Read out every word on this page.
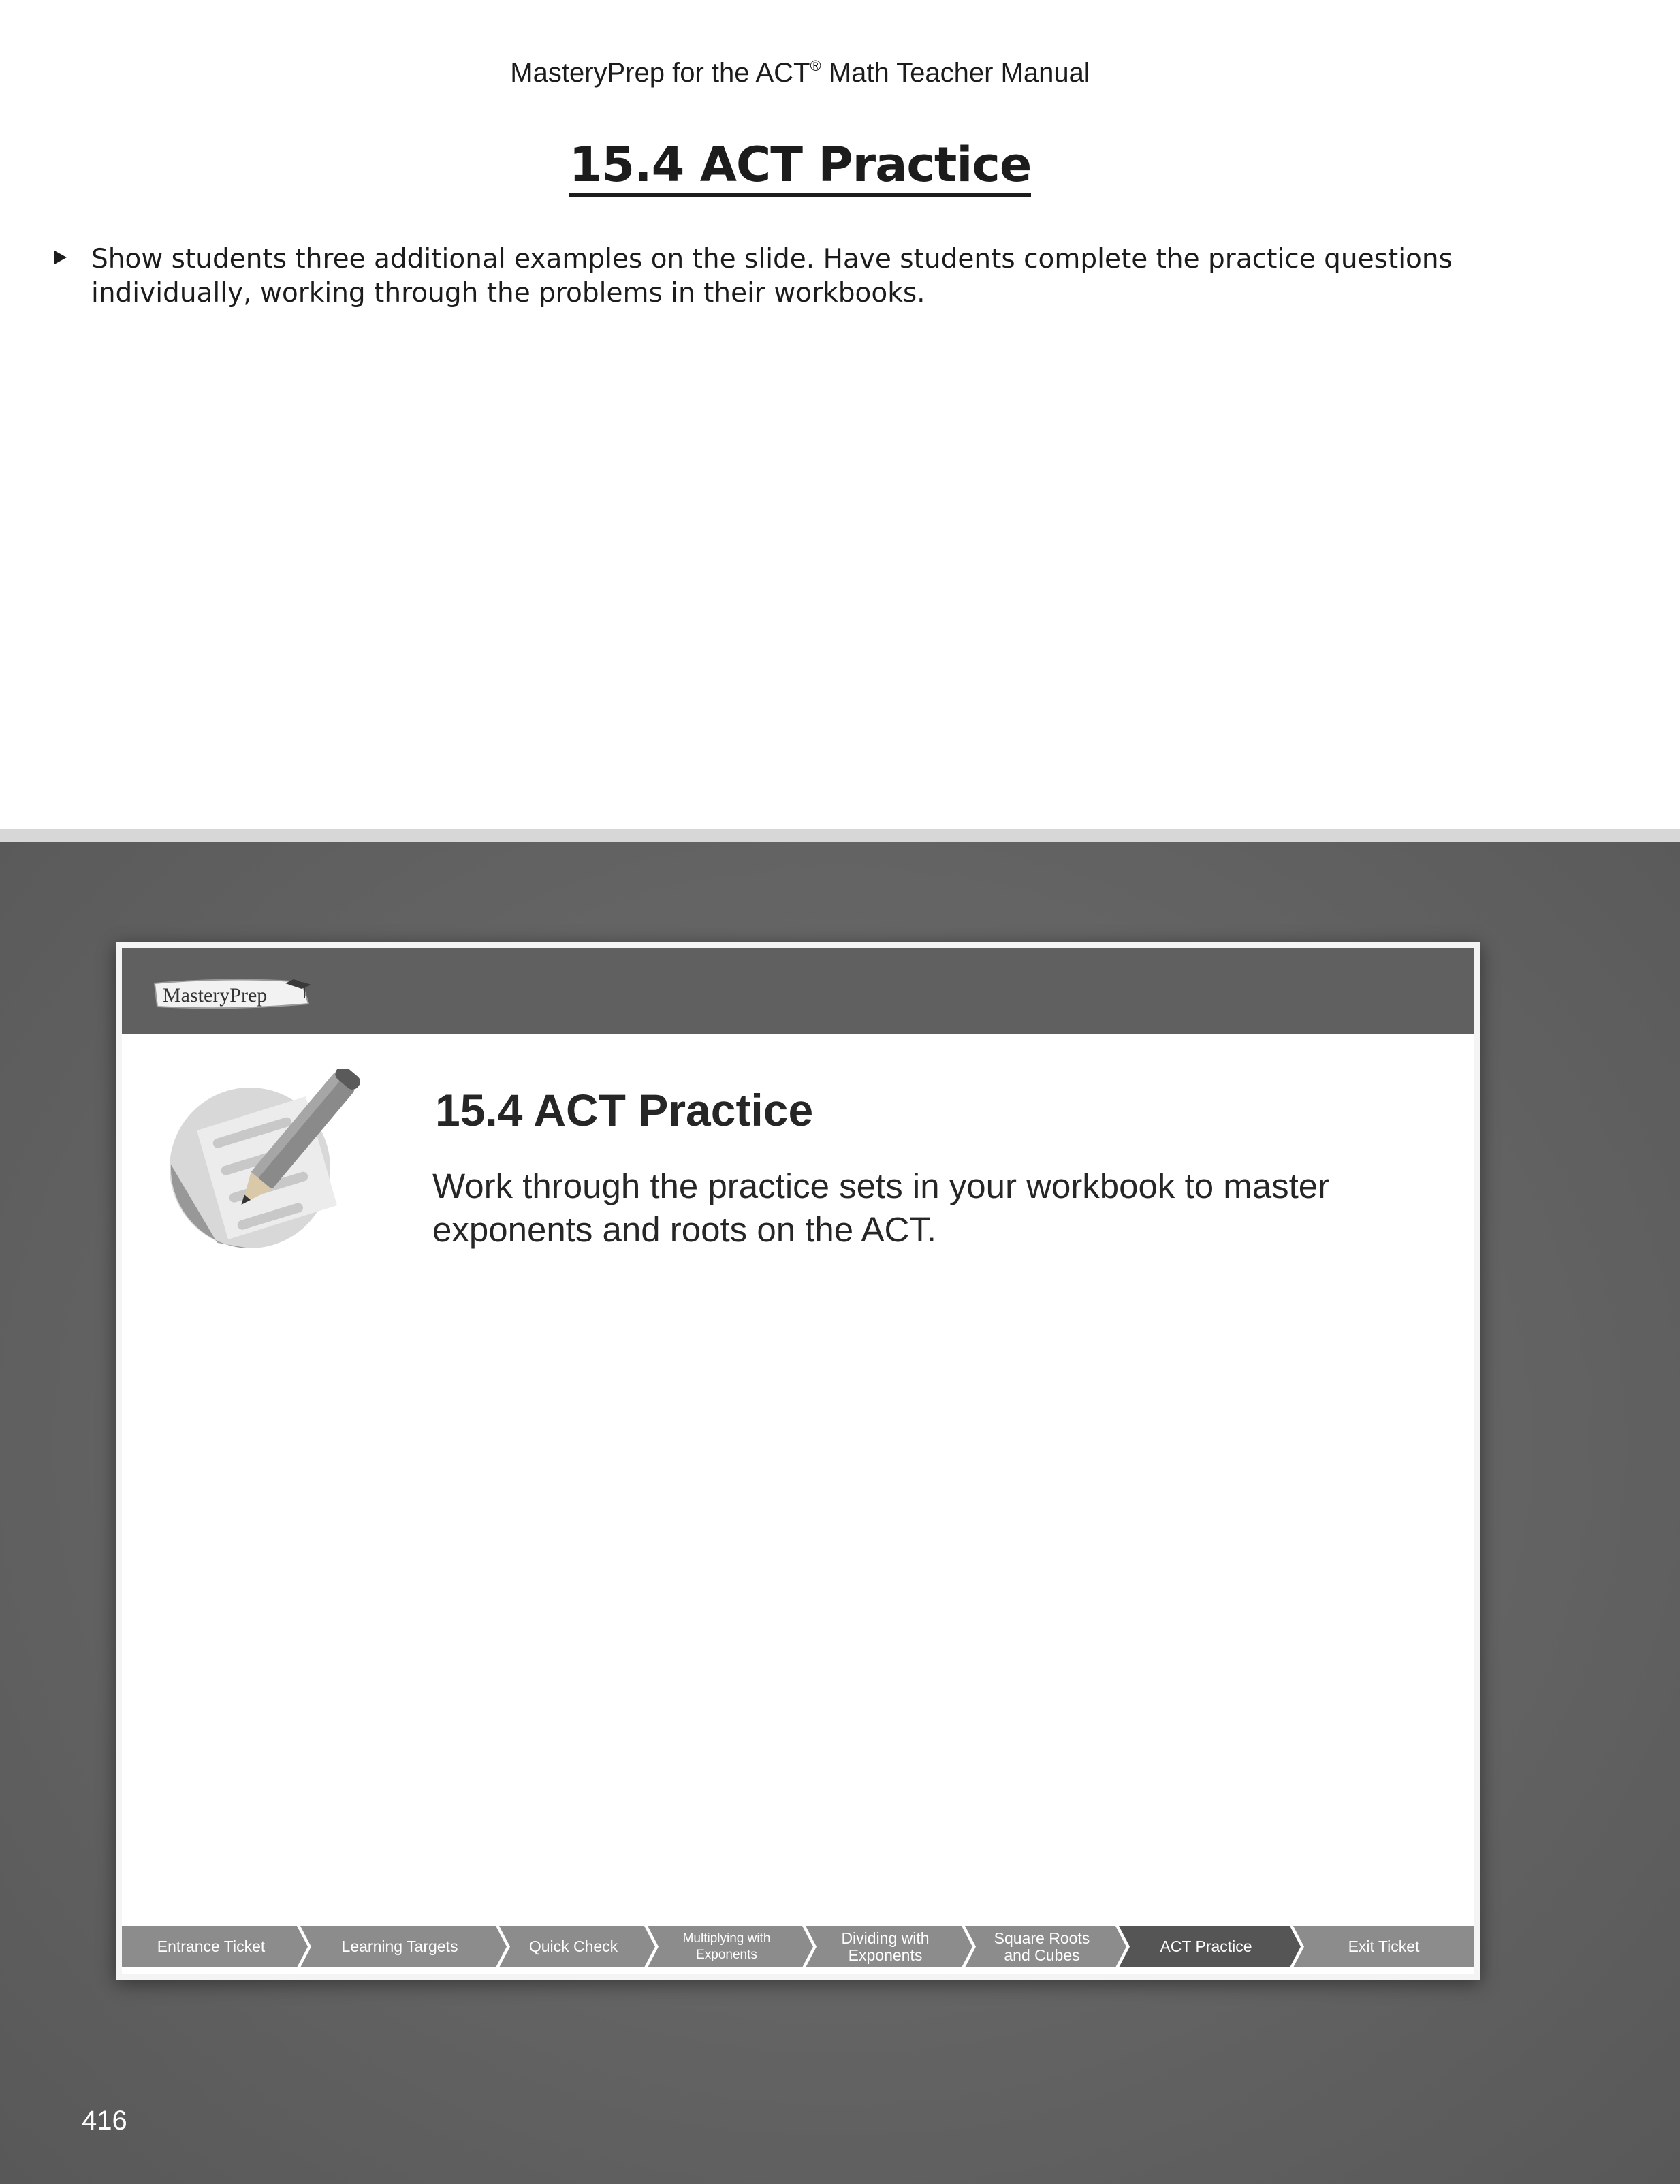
MasteryPrep for the ACT® Math Teacher Manual
15.4 ACT Practice
Show students three additional examples on the slide. Have students complete the practice questions individually, working through the problems in their workbooks.
MasteryPrep
15.4 ACT Practice
Work through the practice sets in your workbook to master exponents and roots on the ACT.
Entrance Ticket	Learning Targets	Quick Check	Multiplying with Exponents
Dividing with Exponents
Square Roots and Cubes	ACT Practice	Exit Ticket
416
